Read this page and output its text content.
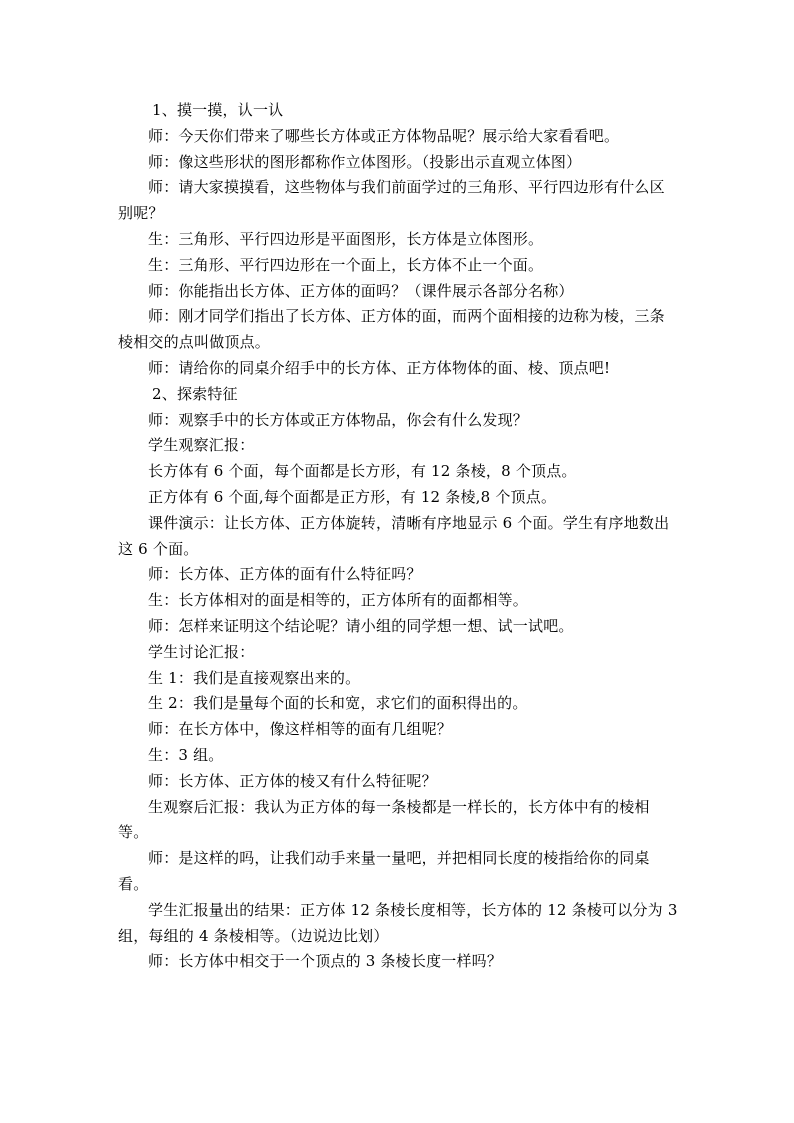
1、摸一摸，认一认

师：今天你们带来了哪些长方体或正方体物品呢？展示给大家看看吧。

师：像这些形状的图形都称作立体图形。（投影出示直观立体图）

师：请大家摸摸看，这些物体与我们前面学过的三角形、平行四边形有什么区别呢？

生：三角形、平行四边形是平面图形，长方体是立体图形。

生：三角形、平行四边形在一个面上，长方体不止一个面。

师：你能指出长方体、正方体的面吗？（课件展示各部分名称）

师：刚才同学们指出了长方体、正方体的面，而两个面相接的边称为棱，三条棱相交的点叫做顶点。

师：请给你的同桌介绍手中的长方体、正方体物体的面、棱、顶点吧!

2、探索特征

师：观察手中的长方体或正方体物品，你会有什么发现？

学生观察汇报：

长方体有 6 个面，每个面都是长方形，有 12 条棱，8 个顶点。

正方体有 6 个面,每个面都是正方形，有 12 条棱,8 个顶点。

课件演示：让长方体、正方体旋转，清晰有序地显示 6 个面。学生有序地数出这 6 个面。

师：长方体、正方体的面有什么特征吗？

生：长方体相对的面是相等的，正方体所有的面都相等。

师：怎样来证明这个结论呢？请小组的同学想一想、试一试吧。

学生讨论汇报：

生 1：我们是直接观察出来的。

生 2：我们是量每个面的长和宽，求它们的面积得出的。

师：在长方体中，像这样相等的面有几组呢？

生：3 组。

师：长方体、正方体的棱又有什么特征呢？

生观察后汇报：我认为正方体的每一条棱都是一样长的，长方体中有的棱相等。

师：是这样的吗，让我们动手来量一量吧，并把相同长度的棱指给你的同桌看。

学生汇报量出的结果：正方体 12 条棱长度相等，长方体的 12 条棱可以分为 3 组，每组的 4 条棱相等。（边说边比划）

师：长方体中相交于一个顶点的 3 条棱长度一样吗？
